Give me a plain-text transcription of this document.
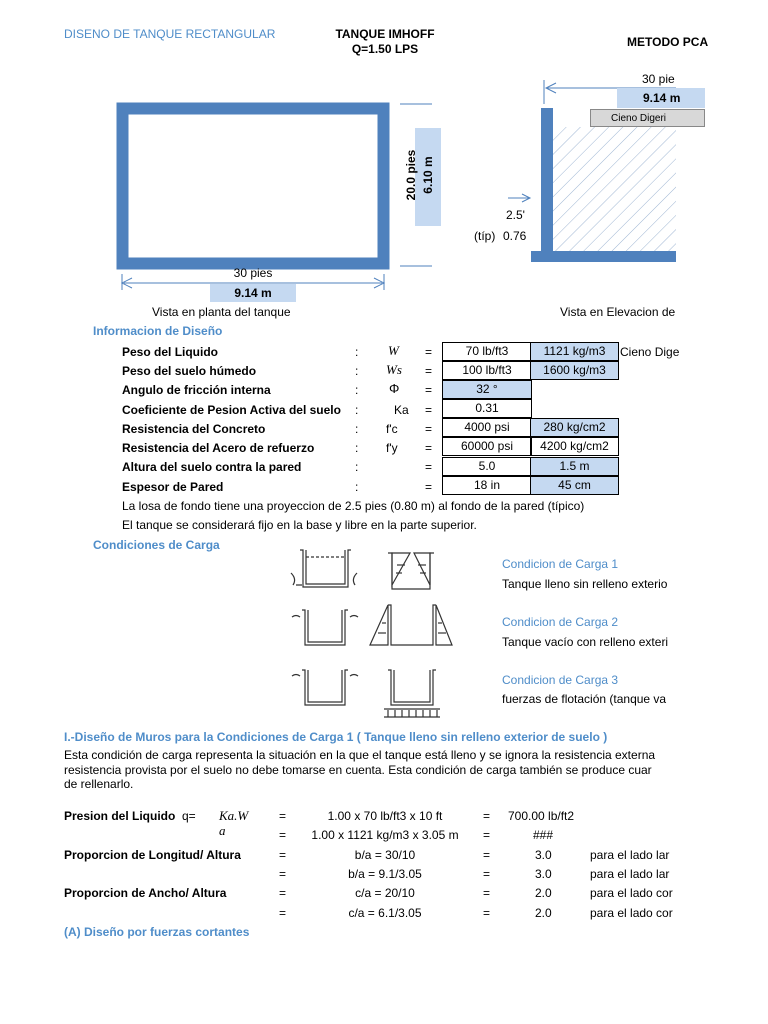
DISENO DE TANQUE RECTANGULAR	TANQUE IMHOFF
Q=1.50 LPS	METODO PCA
20.0 pies 6.10 m
30 pies
9.14 m
Vista en planta del tanque
30 pie
9.14 m
Cieno Digeri
2.5'
(típ) 0.76
Vista en Elevacion de
Informacion de Diseño
Peso del Liquido	: W =	70 lb/ft3	1121 kg/m3	Cieno Dige
Peso del suelo húmedo	: Ws =	100 lb/ft3	1600 kg/m3
Angulo de fricción interna	: Φ =	32 °
Coeficiente de Pesion Activa del suelo :	Ka =	0.31
Resistencia del Concreto	: f'c =	4000 psi	280 kg/cm2
Resistencia del Acero de refuerzo	: f'y =	60000 psi	4200 kg/cm2
Altura del suelo contra la pared	:	=	5.0	1.5 m
Espesor de Pared	:	=	18 in	45 cm
La losa de fondo tiene una proyeccion de 2.5 pies (0.80 m) al fondo de la pared (típico)
El tanque se considerará fijo en la base y libre en la parte superior.
Condiciones de Carga
Condicion de Carga 1
Tanque lleno sin relleno exterio
Condicion de Carga 2
Tanque vacío con relleno exteri
Condicion de Carga 3
fuerzas de flotación (tanque va
I.-Diseño de Muros para la Condiciones de Carga 1 ( Tanque lleno sin relleno exterior de suelo )
Esta condición de carga representa la situación en la que el tanque está lleno y se ignora la resistencia externa
resistencia provista por el suelo no debe tomarse en cuenta. Esta condición de carga también se produce cuar
de rellenarlo.
Presion del Liquido q= Ka.W
a
=	1.00 x 70 lb/ft3 x 10 ft	= 700.00 lb/ft2
=	1.00 x 1121 kg/m3 x 3.05 m	=	###
Proporcion de Longitud/ Altura	=	b/a = 30/10	=	3.0	para el lado lar
=	b/a = 9.1/3.05	=	3.0	para el lado lar
Proporcion de Ancho/ Altura	=	c/a = 20/10	=	2.0	para el lado cor
=	c/a = 6.1/3.05	=	2.0	para el lado cor
(A) Diseño por fuerzas cortantes
